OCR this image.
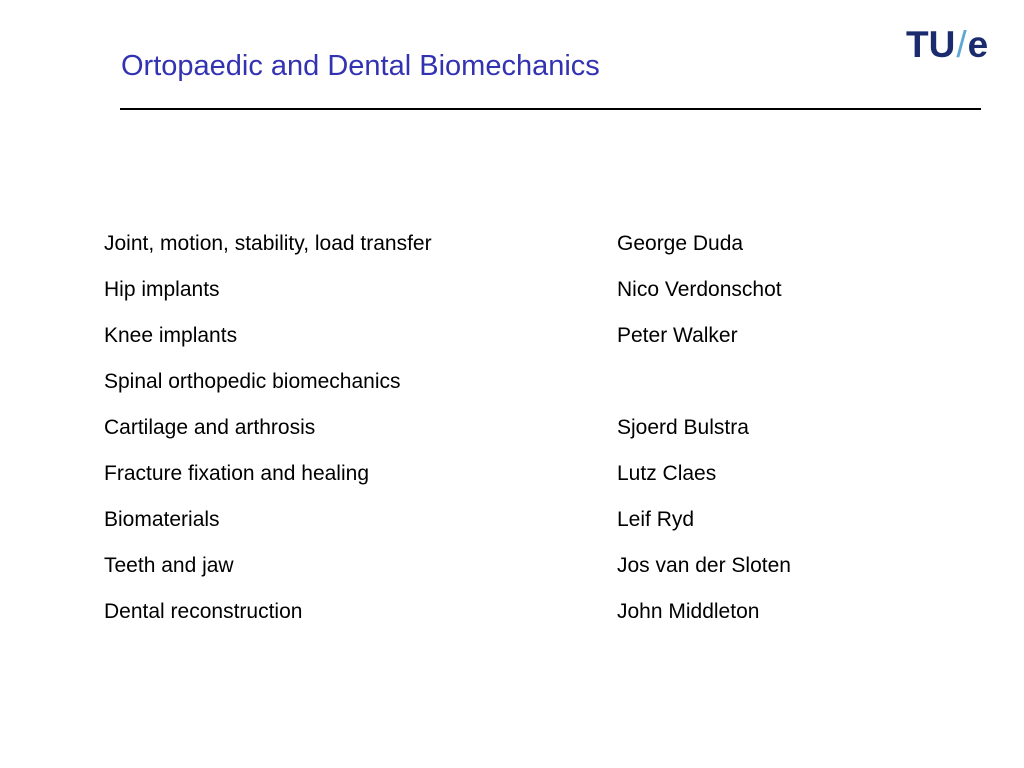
Ortopaedic and Dental Biomechanics
TU / e
Joint, motion, stability, load transfer	George Duda
Hip implants	Nico Verdonschot
Knee implants	Peter Walker
Spinal orthopedic biomechanics
Cartilage and arthrosis	Sjoerd Bulstra
Fracture fixation and healing	Lutz Claes
Biomaterials	Leif Ryd
Teeth and jaw	Jos van der Sloten
Dental reconstruction	John Middleton
